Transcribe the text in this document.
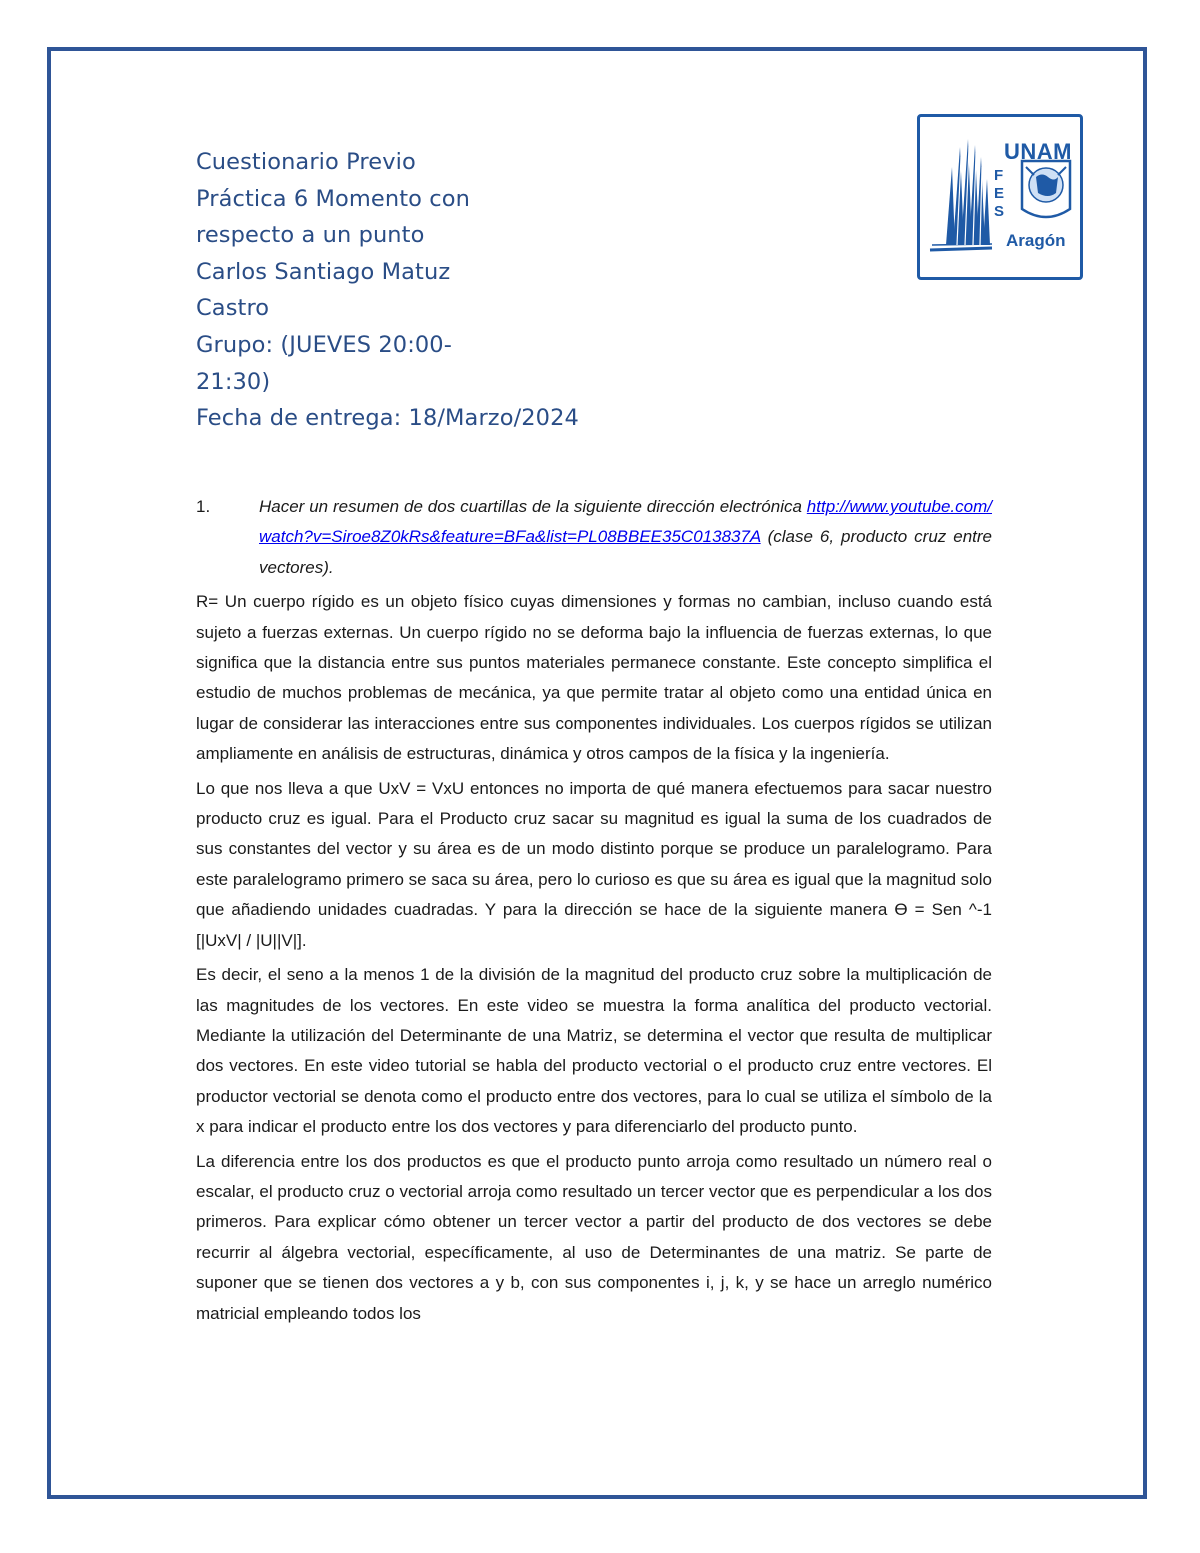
Cuestionario Previo
Práctica 6 Momento con
respecto a un punto
Carlos Santiago Matuz
Castro
Grupo: (JUEVES 20:00-
21:30)
Fecha de entrega: 18/Marzo/2024
UNAM
FES
Aragón
1.	Hacer un resumen de dos cuartillas de la siguiente dirección electrónica http://www.youtube.com/watch?v=Siroe8Z0kRs&feature=BFa&list=PL08BBEE35C013837A (clase 6, producto cruz entre vectores).

R= Un cuerpo rígido es un objeto físico cuyas dimensiones y formas no cambian, incluso cuando está sujeto a fuerzas externas. Un cuerpo rígido no se deforma bajo la influencia de fuerzas externas, lo que significa que la distancia entre sus puntos materiales permanece constante. Este concepto simplifica el estudio de muchos problemas de mecánica, ya que permite tratar al objeto como una entidad única en lugar de considerar las interacciones entre sus componentes individuales. Los cuerpos rígidos se utilizan ampliamente en análisis de estructuras, dinámica y otros campos de la física y la ingeniería.

Lo que nos lleva a que UxV = VxU entonces no importa de qué manera efectuemos para sacar nuestro producto cruz es igual. Para el Producto cruz sacar su magnitud es igual la suma de los cuadrados de sus constantes del vector y su área es de un modo distinto porque se produce un paralelogramo. Para este paralelogramo primero se saca su área, pero lo curioso es que su área es igual que la magnitud solo que añadiendo unidades cuadradas. Y para la dirección se hace de la siguiente manera Ө = Sen ^-1 [|UxV| / |U||V|].

Es decir, el seno a la menos 1 de la división de la magnitud del producto cruz sobre la multiplicación de las magnitudes de los vectores. En este video se muestra la forma analítica del producto vectorial. Mediante la utilización del Determinante de una Matriz, se determina el vector que resulta de multiplicar dos vectores. En este video tutorial se habla del producto vectorial o el producto cruz entre vectores. El productor vectorial se denota como el producto entre dos vectores, para lo cual se utiliza el símbolo de la x para indicar el producto entre los dos vectores y para diferenciarlo del producto punto.

La diferencia entre los dos productos es que el producto punto arroja como resultado un número real o escalar, el producto cruz o vectorial arroja como resultado un tercer vector que es perpendicular a los dos primeros. Para explicar cómo obtener un tercer vector a partir del producto de dos vectores se debe recurrir al álgebra vectorial, específicamente, al uso de Determinantes de una matriz. Se parte de suponer que se tienen dos vectores a y b, con sus componentes i, j, k, y se hace un arreglo numérico matricial empleando todos los
